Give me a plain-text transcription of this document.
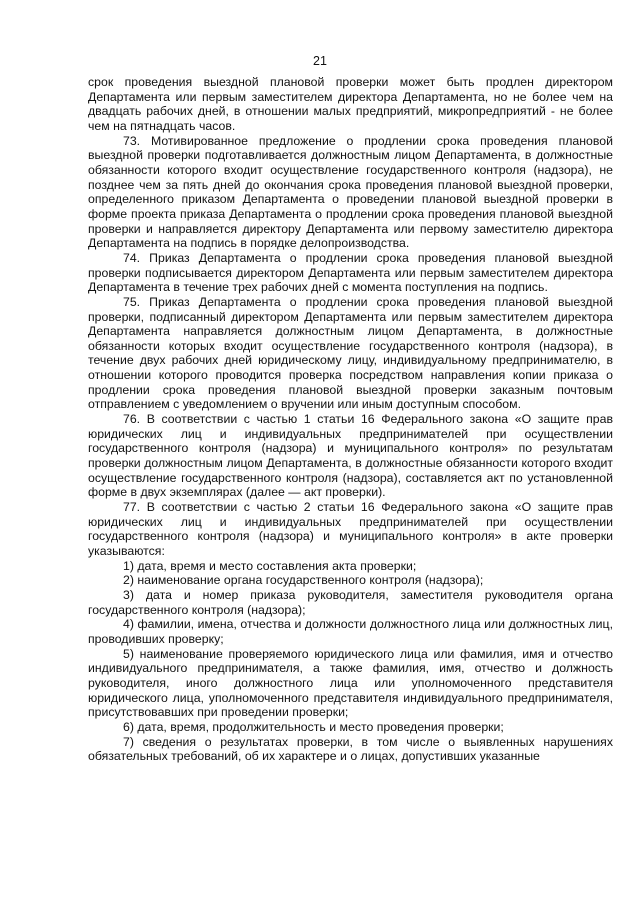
21

срок проведения выездной плановой проверки может быть продлен директором Департамента или первым заместителем директора Департамента, но не более чем на двадцать рабочих дней, в отношении малых предприятий, микропредприятий - не более чем на пятнадцать часов.

73. Мотивированное предложение о продлении срока проведения плановой выездной проверки подготавливается должностным лицом Департамента, в должностные обязанности которого входит осуществление государственного контроля (надзора), не позднее чем за пять дней до окончания срока проведения плановой выездной проверки, определенного приказом Департамента о проведении плановой выездной проверки в форме проекта приказа Департамента о продлении срока проведения плановой выездной проверки и направляется директору Департамента или первому заместителю директора Департамента на подпись в порядке делопроизводства.

74. Приказ Департамента о продлении срока проведения плановой выездной проверки подписывается директором Департамента или первым заместителем директора Департамента в течение трех рабочих дней с момента поступления на подпись.

75. Приказ Департамента о продлении срока проведения плановой выездной проверки, подписанный директором Департамента или первым заместителем директора Департамента направляется должностным лицом Департамента, в должностные обязанности которых входит осуществление государственного контроля (надзора), в течение двух рабочих дней юридическому лицу, индивидуальному предпринимателю, в отношении которого проводится проверка посредством направления копии приказа о продлении срока проведения плановой выездной проверки заказным почтовым отправлением с уведомлением о вручении или иным доступным способом.

76. В соответствии с частью 1 статьи 16 Федерального закона «О защите прав юридических лиц и индивидуальных предпринимателей при осуществлении государственного контроля (надзора) и муниципального контроля» по результатам проверки должностным лицом Департамента, в должностные обязанности которого входит осуществление государственного контроля (надзора), составляется акт по установленной форме в двух экземплярах (далее — акт проверки).

77. В соответствии с частью 2 статьи 16 Федерального закона «О защите прав юридических лиц и индивидуальных предпринимателей при осуществлении государственного контроля (надзора) и муниципального контроля» в акте проверки указываются:

1) дата, время и место составления акта проверки;

2) наименование органа государственного контроля (надзора);

3) дата и номер приказа руководителя, заместителя руководителя органа государственного контроля (надзора);

4) фамилии, имена, отчества и должности должностного лица или должностных лиц, проводивших проверку;

5) наименование проверяемого юридического лица или фамилия, имя и отчество индивидуального предпринимателя, а также фамилия, имя, отчество и должность руководителя, иного должностного лица или уполномоченного представителя юридического лица, уполномоченного представителя индивидуального предпринимателя, присутствовавших при проведении проверки;

6) дата, время, продолжительность и место проведения проверки;

7) сведения о результатах проверки, в том числе о выявленных нарушениях обязательных требований, об их характере и о лицах, допустивших указанные
